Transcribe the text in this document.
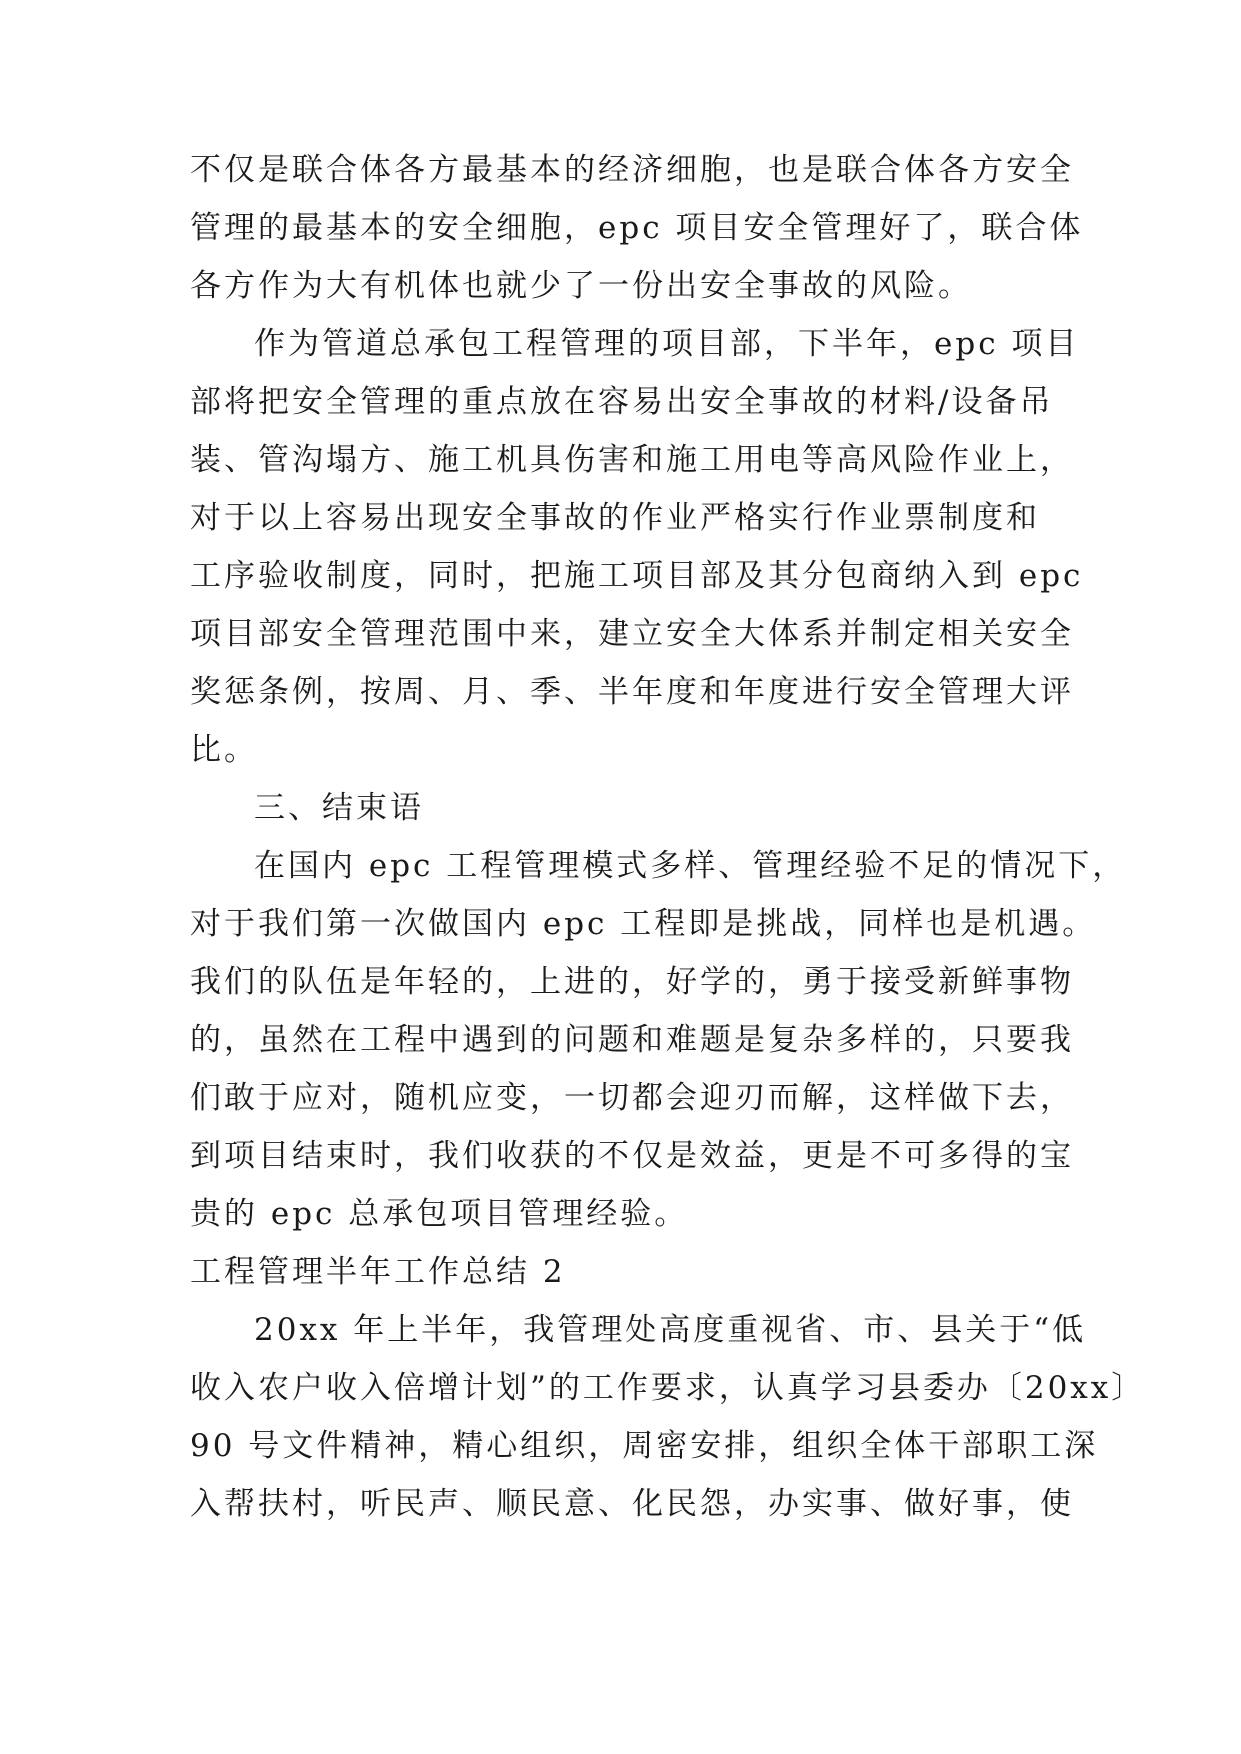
不仅是联合体各方最基本的经济细胞，也是联合体各方安全
管理的最基本的安全细胞，epc 项目安全管理好了，联合体
各方作为大有机体也就少了一份出安全事故的风险。
作为管道总承包工程管理的项目部，下半年，epc 项目
部将把安全管理的重点放在容易出安全事故的材料/设备吊
装、管沟塌方、施工机具伤害和施工用电等高风险作业上，
对于以上容易出现安全事故的作业严格实行作业票制度和
工序验收制度，同时，把施工项目部及其分包商纳入到 epc
项目部安全管理范围中来，建立安全大体系并制定相关安全
奖惩条例，按周、月、季、半年度和年度进行安全管理大评
比。
三、结束语
在国内 epc 工程管理模式多样、管理经验不足的情况下，
对于我们第一次做国内 epc 工程即是挑战，同样也是机遇。
我们的队伍是年轻的，上进的，好学的，勇于接受新鲜事物
的，虽然在工程中遇到的问题和难题是复杂多样的，只要我
们敢于应对，随机应变，一切都会迎刃而解，这样做下去，
到项目结束时，我们收获的不仅是效益，更是不可多得的宝
贵的 epc 总承包项目管理经验。
工程管理半年工作总结 2
20xx 年上半年，我管理处高度重视省、市、县关于“低
收入农户收入倍增计划”的工作要求，认真学习县委办〔20xx〕
90 号文件精神，精心组织，周密安排，组织全体干部职工深
入帮扶村，听民声、顺民意、化民怨，办实事、做好事，使
